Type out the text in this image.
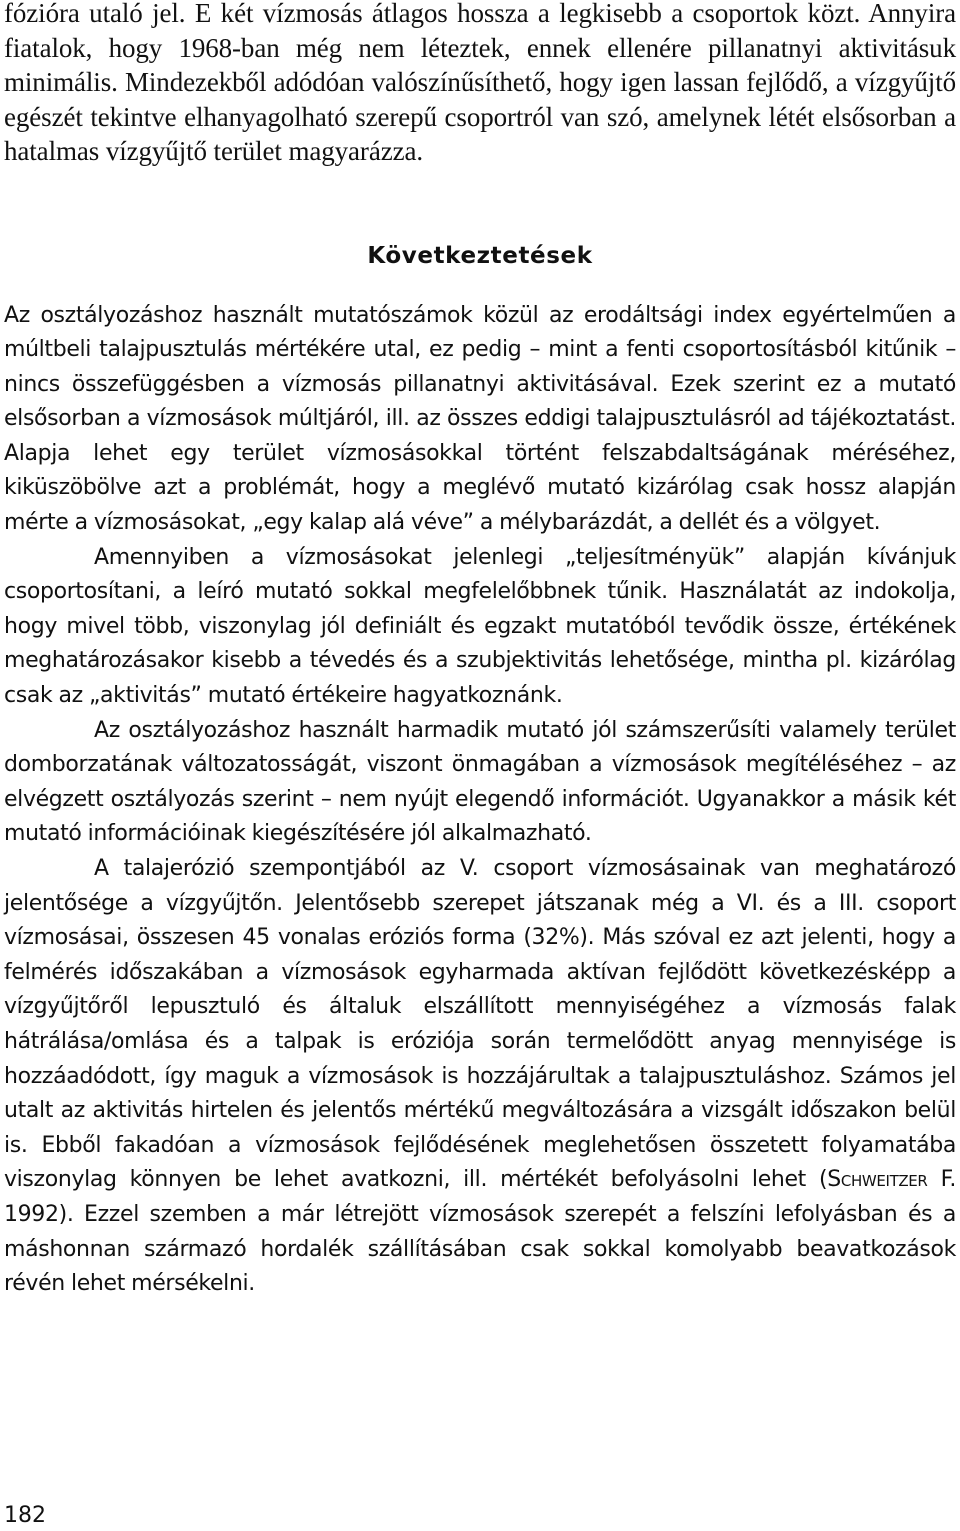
fózióra utaló jel. E két vízmosás átlagos hossza a legkisebb a csoportok közt. Annyira fiatalok, hogy 1968-ban még nem léteztek, ennek ellenére pillanatnyi aktivitásuk minimális. Mindezekből adódóan valószínűsíthető, hogy igen lassan fejlődő, a vízgyűjtő egészét tekintve elhanyagolható szerepű csoportról van szó, amelynek létét elsősorban a hatalmas vízgyűjtő terület magyarázza.

Következtetések

Az osztályozáshoz használt mutatószámok közül az erodáltsági index egyértelműen a múltbeli talajpusztulás mértékére utal, ez pedig – mint a fenti csoportosításból kitűnik – nincs összefüggésben a vízmosás pillanatnyi aktivitásával. Ezek szerint ez a mutató elsősorban a vízmosások múltjáról, ill. az összes eddigi talajpusztulásról ad tájékoztatást. Alapja lehet egy terület vízmosásokkal történt felszabdaltságának méréséhez, kiküszöbölve azt a problémát, hogy a meglévő mutató kizárólag csak hossz alapján mérte a vízmosásokat, „egy kalap alá véve” a mélybarázdát, a dellét és a völgyet.

Amennyiben a vízmosásokat jelenlegi „teljesítményük” alapján kívánjuk csoportosítani, a leíró mutató sokkal megfelelőbbnek tűnik. Használatát az indokolja, hogy mivel több, viszonylag jól definiált és egzakt mutatóból tevődik össze, értékének meghatározásakor kisebb a tévedés és a szubjektivitás lehetősége, mintha pl. kizárólag csak az „aktivitás” mutató értékeire hagyatkoznánk.

Az osztályozáshoz használt harmadik mutató jól számszerűsíti valamely terület domborzatának változatosságát, viszont önmagában a vízmosások megítéléséhez – az elvégzett osztályozás szerint – nem nyújt elegendő információt. Ugyanakkor a másik két mutató információinak kiegészítésére jól alkalmazható.

A talajerózió szempontjából az V. csoport vízmosásainak van meghatározó jelentősége a vízgyűjtőn. Jelentősebb szerepet játszanak még a VI. és a III. csoport vízmosásai, összesen 45 vonalas eróziós forma (32%). Más szóval ez azt jelenti, hogy a felmérés időszakában a vízmosások egyharmada aktívan fejlődött következésképp a vízgyűjtőről lepusztuló és általuk elszállított mennyiségéhez a vízmosás falak hátrálása/omlása és a talpak is eróziója során termelődött anyag mennyisége is hozzáadódott, így maguk a vízmosások is hozzájárultak a talajpusztuláshoz. Számos jel utalt az aktivitás hirtelen és jelentős mértékű megváltozására a vizsgált időszakon belül is. Ebből fakadóan a vízmosások fejlődésének meglehetősen összetett folyamatába viszonylag könnyen be lehet avatkozni, ill. mértékét befolyásolni lehet (Schweitzer F. 1992). Ezzel szemben a már létrejött vízmosások szerepét a felszíni lefolyásban és a máshonnan származó hordalék szállításában csak sokkal komolyabb beavatkozások révén lehet mérsékelni.

182
